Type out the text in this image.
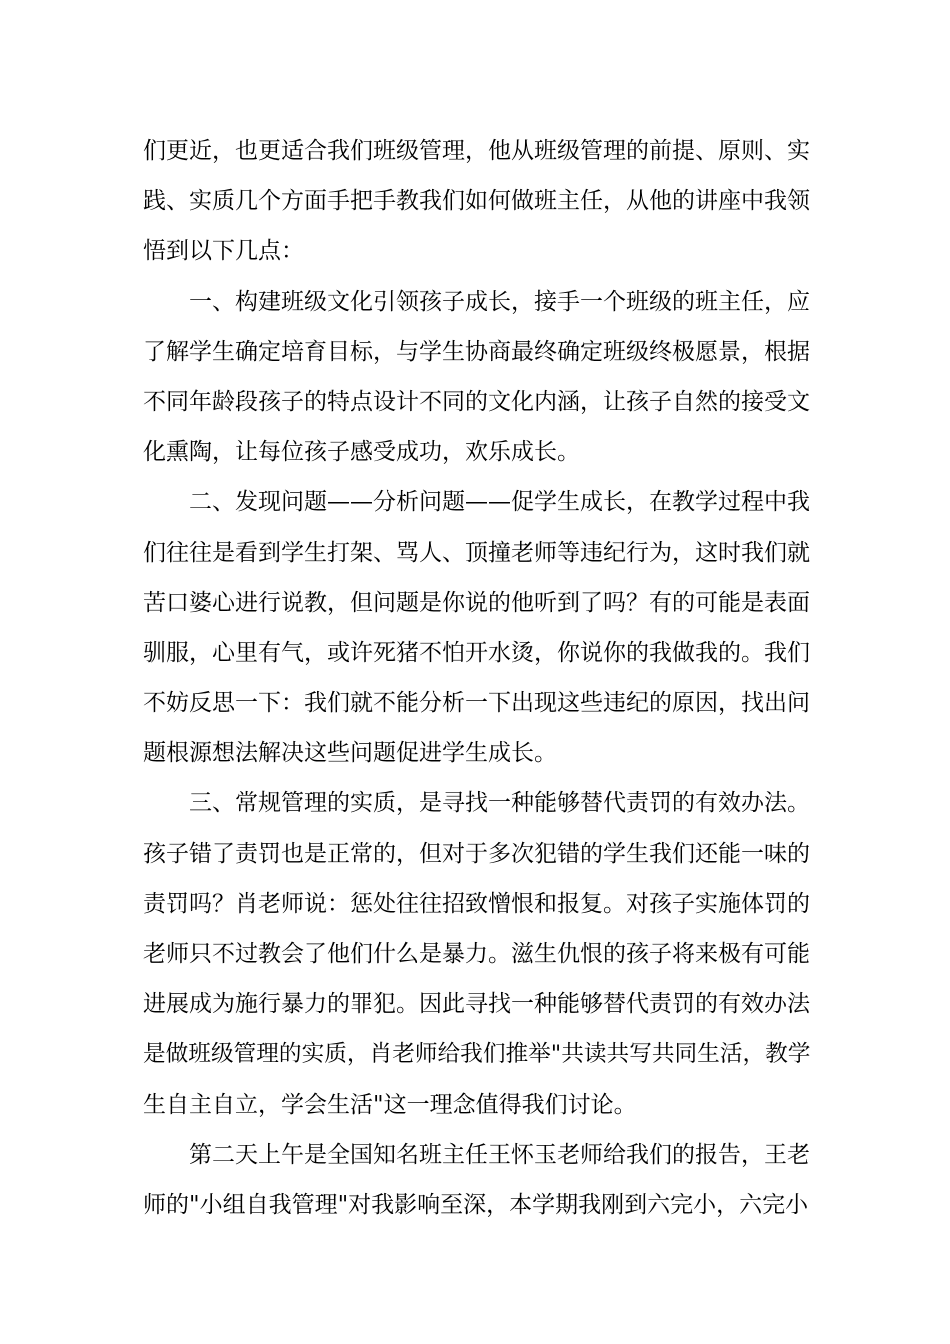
们更近，也更适合我们班级管理，他从班级管理的前提、原则、实
践、实质几个方面手把手教我们如何做班主任，从他的讲座中我领
悟到以下几点：
一、构建班级文化引领孩子成长，接手一个班级的班主任，应
了解学生确定培育目标，与学生协商最终确定班级终极愿景，根据
不同年龄段孩子的特点设计不同的文化内涵，让孩子自然的接受文
化熏陶，让每位孩子感受成功，欢乐成长。
二、发现问题——分析问题——促学生成长，在教学过程中我
们往往是看到学生打架、骂人、顶撞老师等违纪行为，这时我们就
苦口婆心进行说教，但问题是你说的他听到了吗？有的可能是表面
驯服，心里有气，或许死猪不怕开水烫，你说你的我做我的。我们
不妨反思一下：我们就不能分析一下出现这些违纪的原因，找出问
题根源想法解决这些问题促进学生成长。
三、常规管理的实质，是寻找一种能够替代责罚的有效办法。
孩子错了责罚也是正常的，但对于多次犯错的学生我们还能一味的
责罚吗？肖老师说：惩处往往招致憎恨和报复。对孩子实施体罚的
老师只不过教会了他们什么是暴力。滋生仇恨的孩子将来极有可能
进展成为施行暴力的罪犯。因此寻找一种能够替代责罚的有效办法
是做班级管理的实质，肖老师给我们推举"共读共写共同生活，教学
生自主自立，学会生活"这一理念值得我们讨论。
第二天上午是全国知名班主任王怀玉老师给我们的报告，王老
师的"小组自我管理"对我影响至深，本学期我刚到六完小，六完小
